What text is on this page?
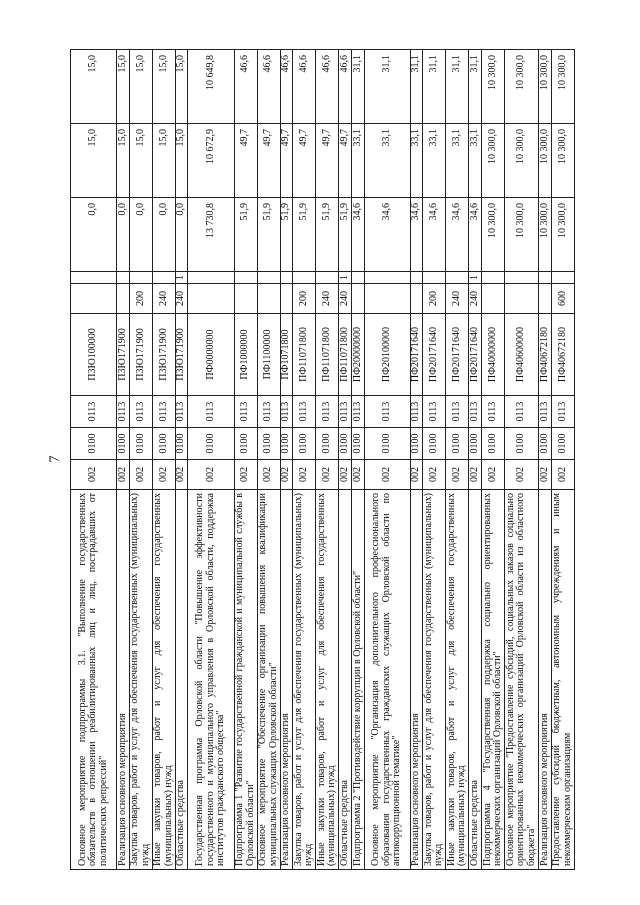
7
Основное мероприятие подпрограммы 3.1. "Выполнение государственных обязательств в отношении реабилитированных лиц и лиц, пострадавших от политических репрессий"	002	0100	0113	П3Ю100000			0,0	15,0	15,0
Реализация основного мероприятия	002	0100	0113	П3Ю171900			0,0	15,0	15,0
Закупка товаров, работ и услуг для обеспечения государственных (муниципальных) нужд	002	0100	0113	П3Ю171900	200		0,0	15,0	15,0
Иные закупки товаров, работ и услуг для обеспечения государственных (муниципальных) нужд	002	0100	0113	П3Ю171900	240		0,0	15,0	15,0
Областные средства	002	0100	0113	П3Ю171900	240	1	0,0	15,0	15,0
Государственная программа Орловской области "Повышение эффективности государственного и муниципального управления в Орловской области, поддержка институтов гражданского общества"	002	0100	0113	ПФ0000000			13 730,8	10 672,9	10 649,8
Подпрограмма 1 "Развитие государственной гражданской и муниципальной службы в Орловской области"	002	0100	0113	ПФ1000000			51,9	49,7	46,6
Основное мероприятие "Обеспечение организации повышения квалификации муниципальных служащих Орловской области"	002	0100	0113	ПФ1100000			51,9	49,7	46,6
Реализация основного мероприятия	002	0100	0113	ПФ1071800			51,9	49,7	46,6
Закупка товаров, работ и услуг для обеспечения государственных (муниципальных) нужд	002	0100	0113	ПФ11071800	200		51,9	49,7	46,6
Иные закупки товаров, работ и услуг для обеспечения государственных (муниципальных) нужд	002	0100	0113	ПФ11071800	240		51,9	49,7	46,6
Областные средства	002	0100	0113	ПФ11071800	240	1	51,9	49,7	46,6
Подпрограмма 2 "Противодействие коррупции в Орловской области"	002	0100	0113	ПФ20000000			34,6	33,1	31,1
Основное мероприятие "Организация дополнительного профессионального образования государственных гражданских служащих Орловской области по антикоррупционной тематике"	002	0100	0113	ПФ20100000			34,6	33,1	31,1
Реализация основного мероприятия	002	0100	0113	ПФ20171640			34,6	33,1	31,1
Закупка товаров, работ и услуг для обеспечения государственных (муниципальных) нужд	002	0100	0113	ПФ20171640	200		34,6	33,1	31,1
Иные закупки товаров, работ и услуг для обеспечения государственных (муниципальных) нужд	002	0100	0113	ПФ20171640	240		34,6	33,1	31,1
Областные средства	002	0100	0113	ПФ20171640	240	1	34,6	33,1	31,1
Подпрограмма 4 "Государственная поддержка социально ориентированных некоммерческих организаций Орловской области"	002	0100	0113	ПФ40000000			10 300,0	10 300,0	10 300,0
Основное мероприятие "Предоставление субсидий, социальных заказов социально ориентированных некоммерческих организаций Орловской области из областного бюджета"	002	0100	0113	ПФ40600000			10 300,0	10 300,0	10 300,0
Реализация основного мероприятия	002	0100	0113	ПФ40672180			10 300,0	10 300,0	10 300,0
Предоставление субсидий бюджетным, автономным учреждениям и иным некоммерческим организациям	002	0100	0113	ПФ40672180	600		10 300,0	10 300,0	10 300,0
